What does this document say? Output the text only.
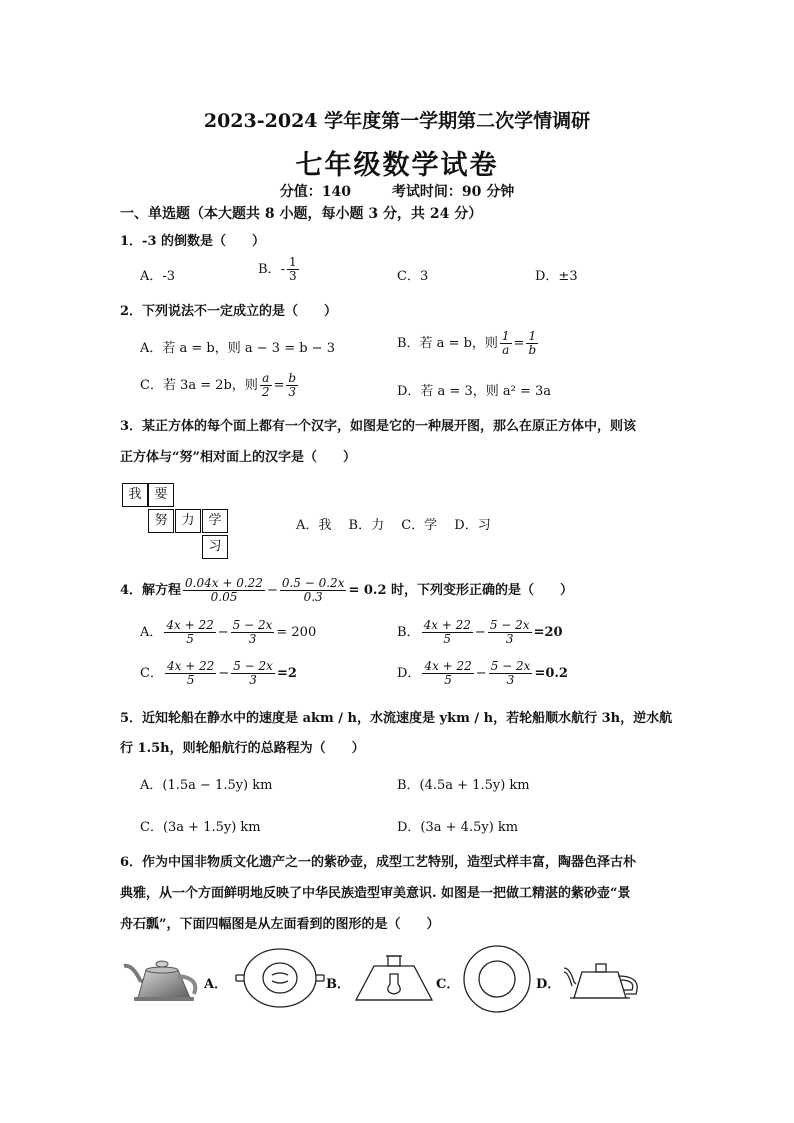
2023-2024 学年度第一学期第二次学情调研
七年级数学试卷
分值：140	考试时间：90 分钟
一、单选题（本大题共 8 小题，每小题 3 分，共 24 分）
1．-3 的倒数是（　　）
A．-3	B．- $\frac{1}{3}$	C．3	D．±3
2．下列说法不一定成立的是（　　）
A．若 a = b，则 a − 3 = b − 3	B．若 a = b，则 $\frac{1}{a} = \frac{1}{b}$
C．若 3a = 2b，则 $\frac{a}{2} = \frac{b}{3}$	D．若 a = 3，则 a² = 3a
3．某正方体的每个面上都有一个汉字，如图是它的一种展开图，那么在原正方体中，则该
正方体与“努”相对面上的汉字是（　　）
我 要
努	力	学
习
A．我　 B．力　 C．学　 D．习
4．解方程 $\frac{0.04x + 0.22}{0.05} - \frac{0.5 - 0.2x}{0.3} = 0.2$ 时，下列变形正确的是（　　）
A． $\frac{4x + 22}{5} - \frac{5 - 2x}{3} = 200$	B． $\frac{4x + 22}{5} - \frac{5 - 2x}{3} =20$
C． $\frac{4x + 22}{5} - \frac{5 - 2x}{3} =2$	D． $\frac{4x + 22}{5} - \frac{5 - 2x}{3} =0.2$
5．近知轮船在静水中的速度是 akm / h，水流速度是 ykm / h，若轮船顺水航行 3h，逆水航
行 1.5h，则轮船航行的总路程为（　　）
A．(1.5a − 1.5y) km	B．(4.5a + 1.5y) km
C．(3a + 1.5y) km	D．(3a + 4.5y) km
6．作为中国非物质文化遗产之一的紫砂壶，成型工艺特别，造型式样丰富，陶器色泽古朴
典雅，从一个方面鲜明地反映了中华民族造型审美意识. 如图是一把做工精湛的紫砂壶“景
舟石瓢”，下面四幅图是从左面看到的图形的是（　　）
A．	B．	C．	D．
